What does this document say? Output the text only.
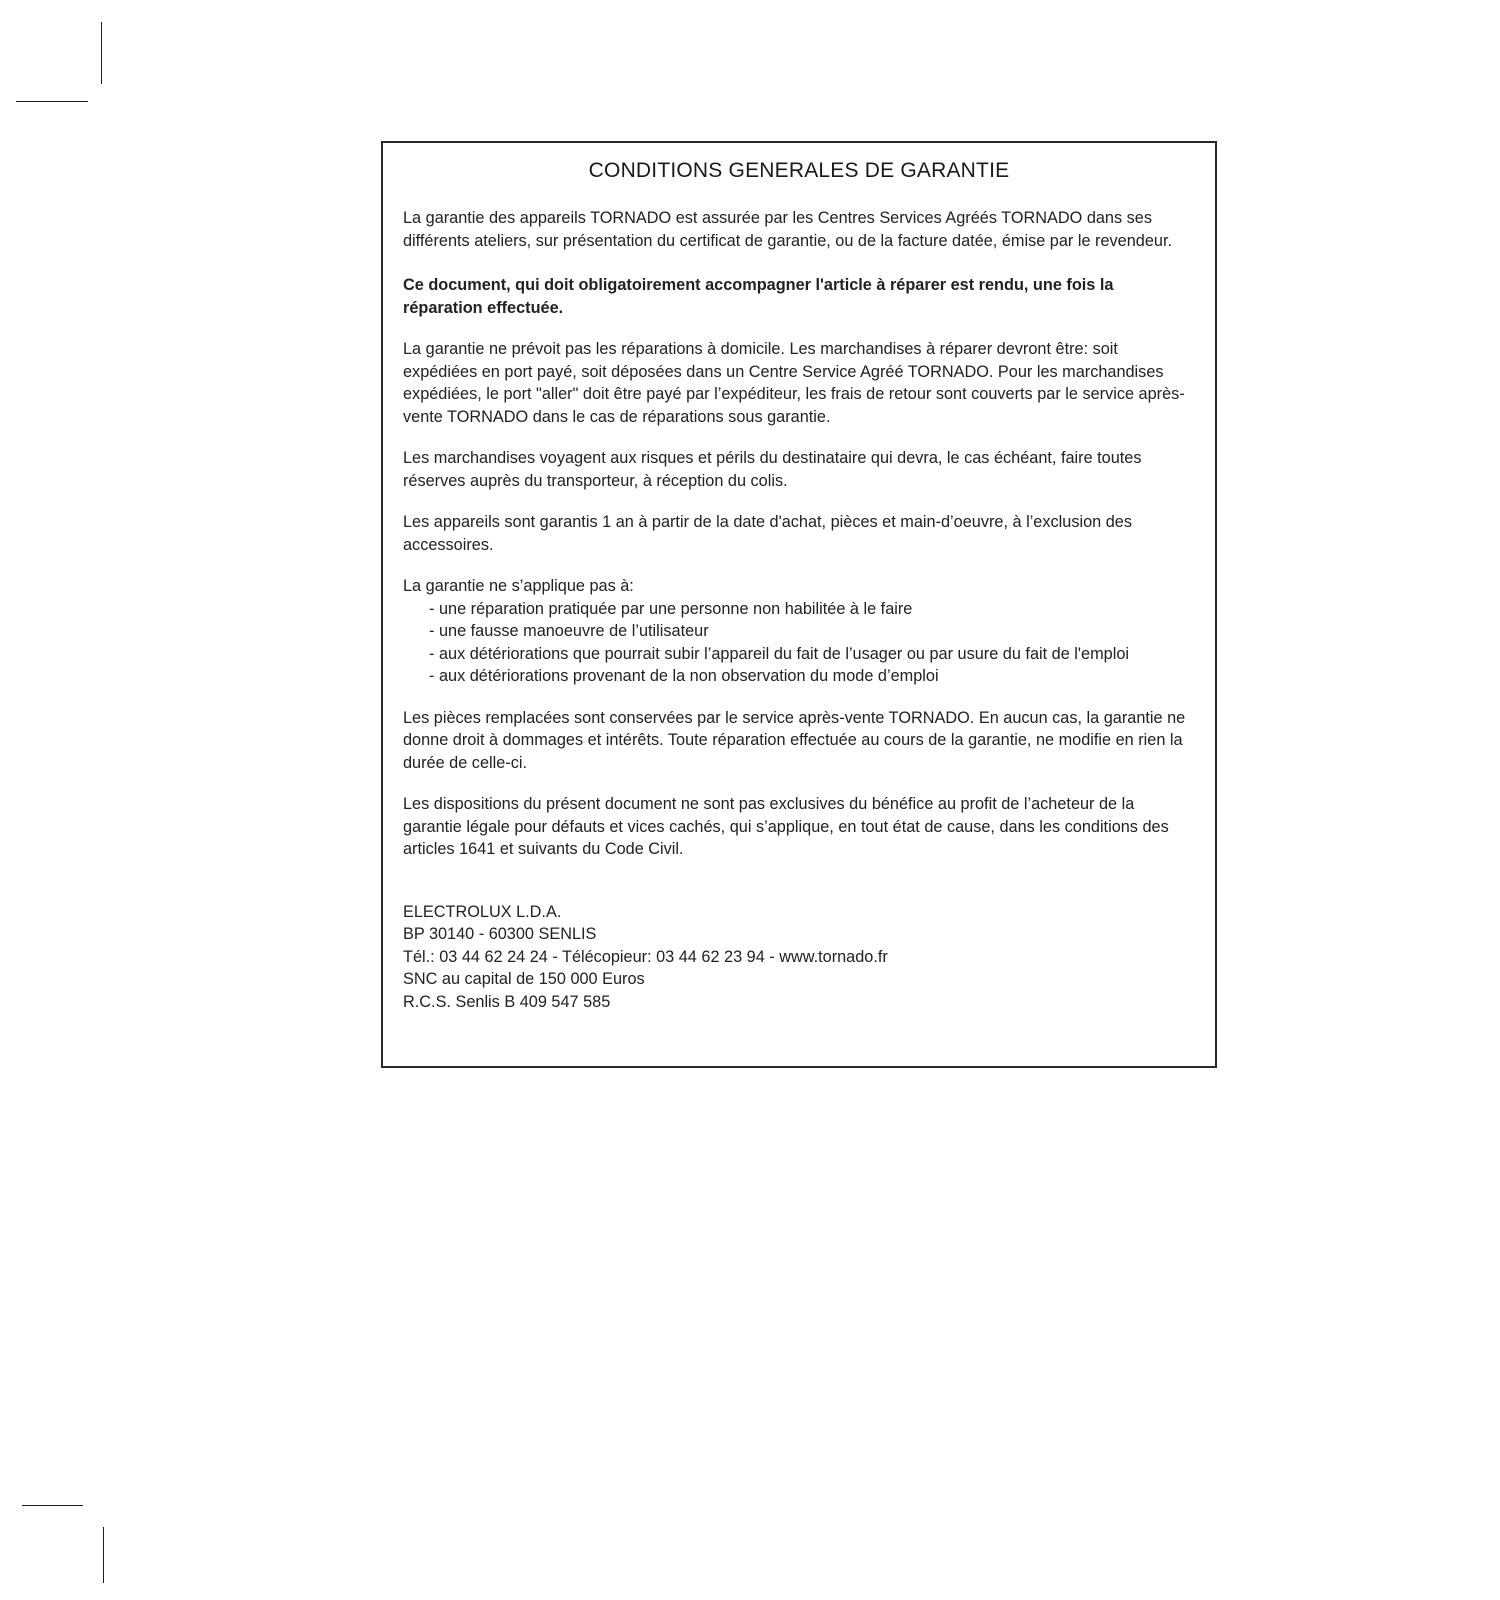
CONDITIONS GENERALES DE GARANTIE

La garantie des appareils TORNADO est assurée par les Centres Services Agréés TORNADO dans ses différents ateliers, sur présentation du certificat de garantie, ou de la facture datée, émise par le revendeur.

Ce document, qui doit obligatoirement accompagner l'article à réparer est rendu, une fois la réparation effectuée.

La garantie ne prévoit pas les réparations à domicile. Les marchandises à réparer devront être: soit expédiées en port payé, soit déposées dans un Centre Service Agréé TORNADO. Pour les marchandises expédiées, le port "aller" doit être payé par l’expéditeur, les frais de retour sont couverts par le service après-vente TORNADO dans le cas de réparations sous garantie.

Les marchandises voyagent aux risques et périls du destinataire qui devra, le cas échéant, faire toutes réserves auprès du transporteur, à réception du colis.

Les appareils sont garantis 1 an à partir de la date d'achat, pièces et main-d’oeuvre, à l’exclusion des accessoires.

La garantie ne s’applique pas à:

- une réparation pratiquée par une personne non habilitée à le faire
- une fausse manoeuvre de l’utilisateur
- aux détériorations que pourrait subir l’appareil du fait de l’usager ou par usure du fait de l'emploi
- aux détériorations provenant de la non observation du mode d’emploi

Les pièces remplacées sont conservées par le service après-vente TORNADO. En aucun cas, la garantie ne donne droit à dommages et intérêts. Toute réparation effectuée au cours de la garantie, ne modifie en rien la durée de celle-ci.

Les dispositions du présent document ne sont pas exclusives du bénéfice au profit de l’acheteur de la garantie légale pour défauts et vices cachés, qui s’applique, en tout état de cause, dans les conditions des articles 1641 et suivants du Code Civil.

ELECTROLUX L.D.A.
BP 30140 - 60300 SENLIS
Tél.: 03 44 62 24 24 - Télécopieur: 03 44 62 23 94 - www.tornado.fr
SNC au capital de 150 000 Euros
R.C.S. Senlis B 409 547 585
